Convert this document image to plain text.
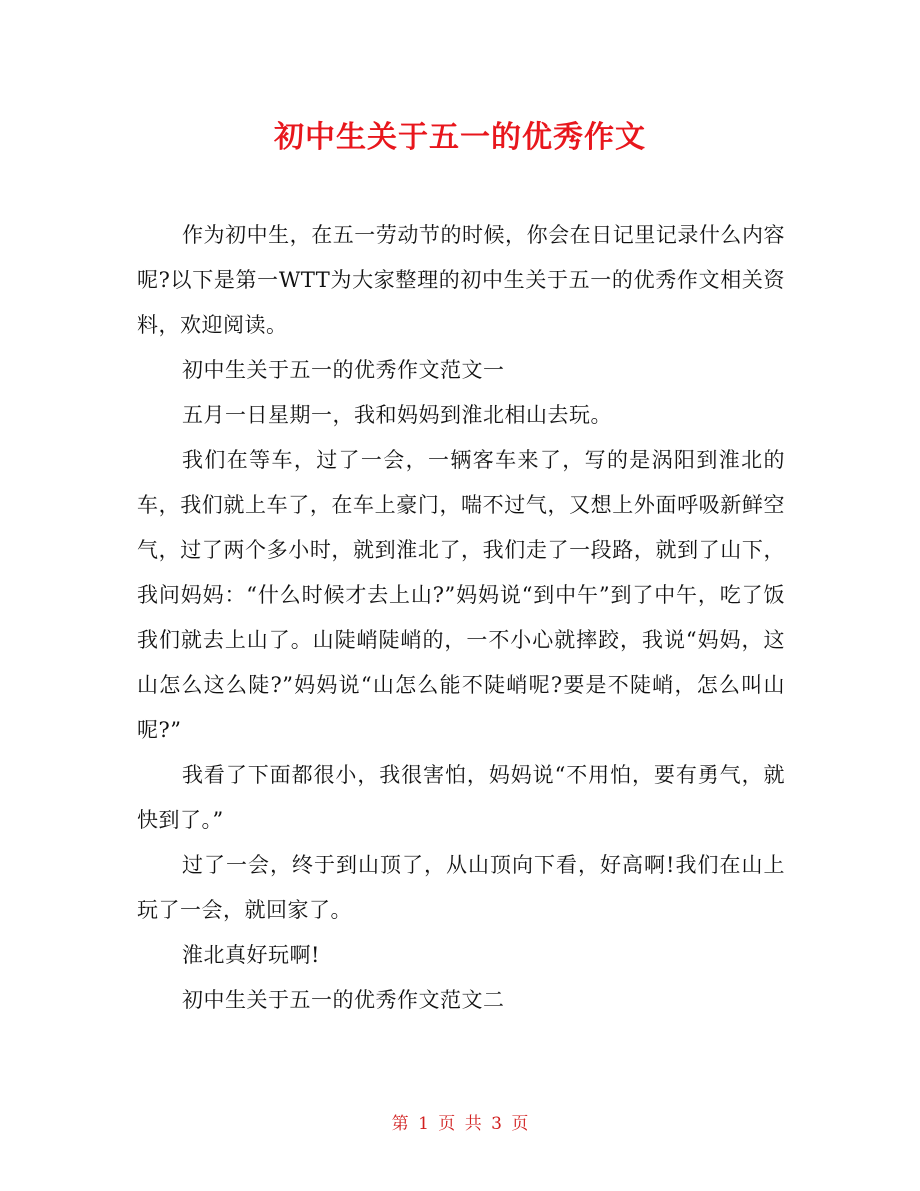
初中生关于五一的优秀作文

作为初中生，在五一劳动节的时候，你会在日记里记录什么内容呢?以下是第一WTT为大家整理的初中生关于五一的优秀作文相关资料，欢迎阅读。

初中生关于五一的优秀作文范文一

五月一日星期一，我和妈妈到淮北相山去玩。

我们在等车，过了一会，一辆客车来了，写的是涡阳到淮北的车，我们就上车了，在车上豪门，喘不过气，又想上外面呼吸新鲜空气，过了两个多小时，就到淮北了，我们走了一段路，就到了山下，我问妈妈：“什么时候才去上山?”妈妈说“到中午”到了中午，吃了饭我们就去上山了。山陡峭陡峭的，一不小心就摔跤，我说“妈妈，这山怎么这么陡?”妈妈说“山怎么能不陡峭呢?要是不陡峭，怎么叫山呢?”

我看了下面都很小，我很害怕，妈妈说“不用怕，要有勇气，就快到了。”

过了一会，终于到山顶了，从山顶向下看，好高啊!我们在山上玩了一会，就回家了。

淮北真好玩啊!

初中生关于五一的优秀作文范文二

第 1 页 共 3 页
